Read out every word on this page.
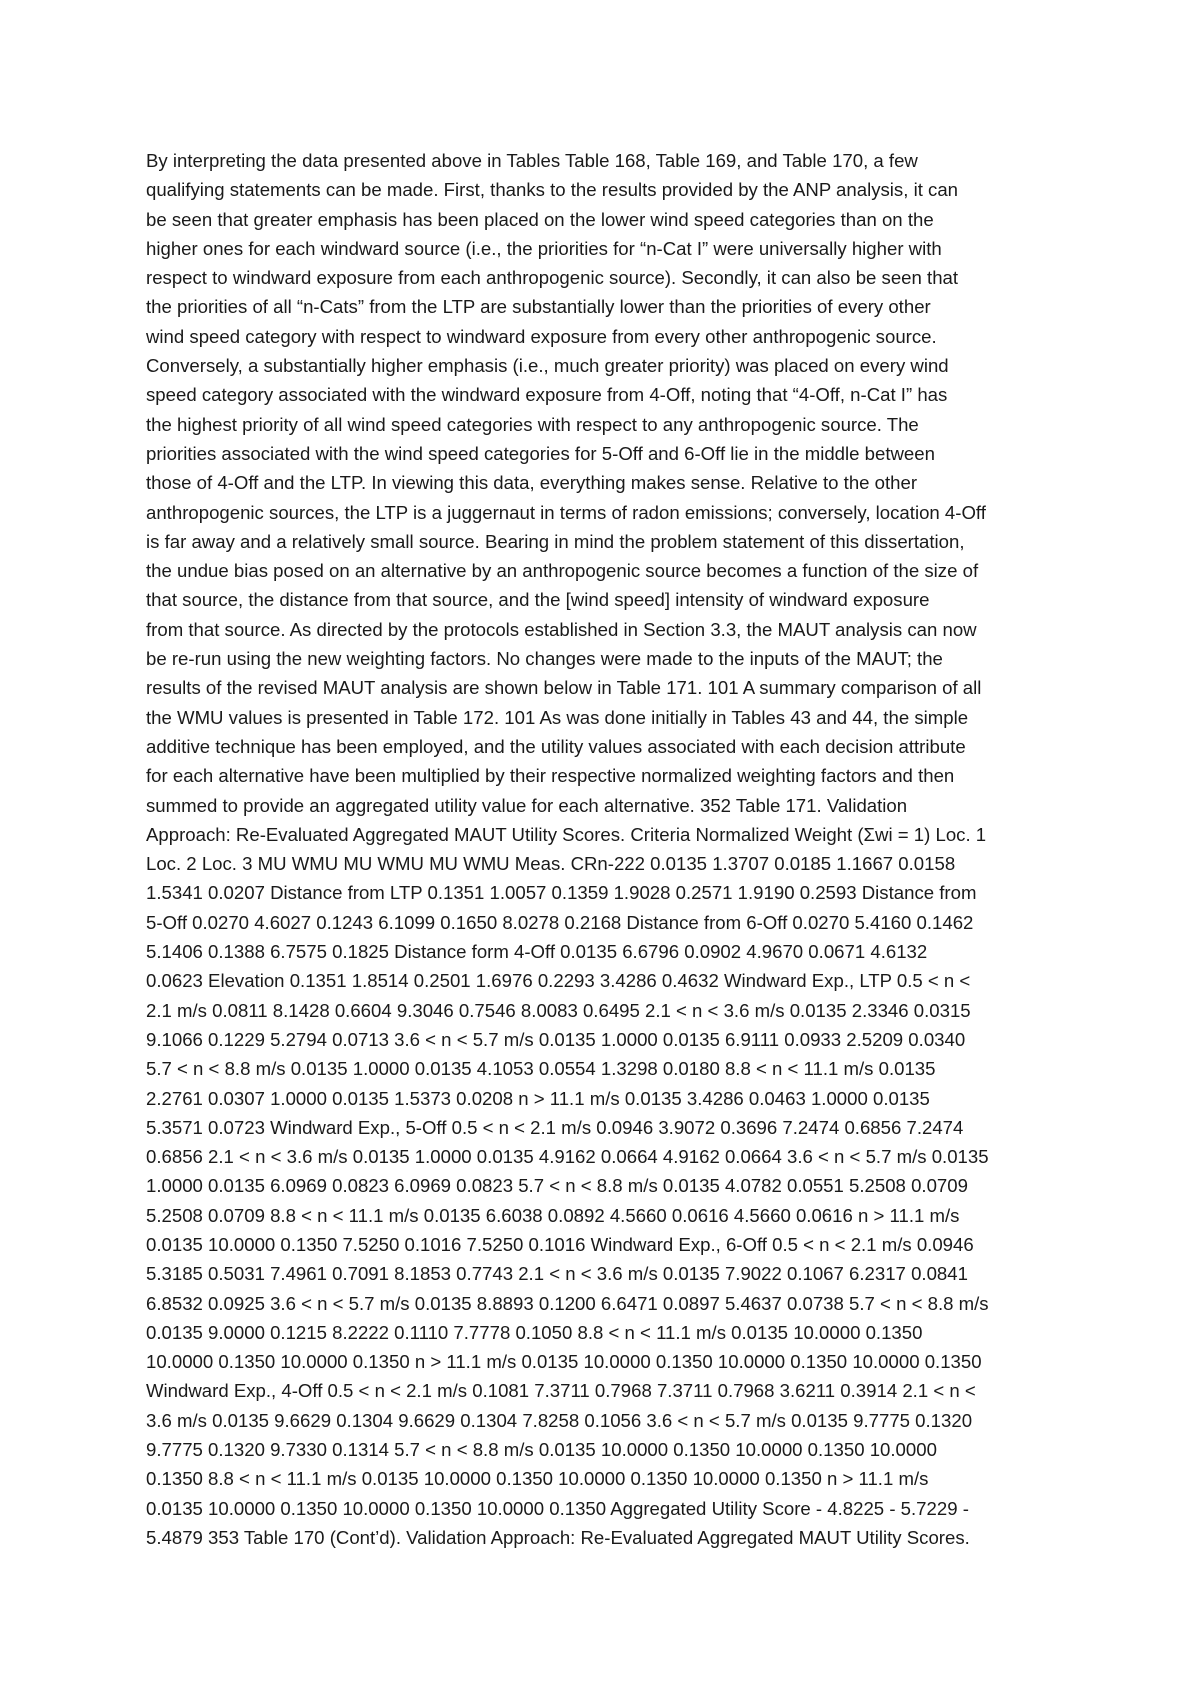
By interpreting the data presented above in Tables Table 168, Table 169, and Table 170, a few
qualifying statements can be made. First, thanks to the results provided by the ANP analysis, it can
be seen that greater emphasis has been placed on the lower wind speed categories than on the
higher ones for each windward source (i.e., the priorities for “n-Cat I” were universally higher with
respect to windward exposure from each anthropogenic source). Secondly, it can also be seen that
the priorities of all “n-Cats” from the LTP are substantially lower than the priorities of every other
wind speed category with respect to windward exposure from every other anthropogenic source.
Conversely, a substantially higher emphasis (i.e., much greater priority) was placed on every wind
speed category associated with the windward exposure from 4-Off, noting that “4-Off, n-Cat I” has
the highest priority of all wind speed categories with respect to any anthropogenic source. The
priorities associated with the wind speed categories for 5-Off and 6-Off lie in the middle between
those of 4-Off and the LTP. In viewing this data, everything makes sense. Relative to the other
anthropogenic sources, the LTP is a juggernaut in terms of radon emissions; conversely, location 4-Off
is far away and a relatively small source. Bearing in mind the problem statement of this dissertation,
the undue bias posed on an alternative by an anthropogenic source becomes a function of the size of
that source, the distance from that source, and the [wind speed] intensity of windward exposure
from that source. As directed by the protocols established in Section 3.3, the MAUT analysis can now
be re-run using the new weighting factors. No changes were made to the inputs of the MAUT; the
results of the revised MAUT analysis are shown below in Table 171. 101 A summary comparison of all
the WMU values is presented in Table 172. 101 As was done initially in Tables 43 and 44, the simple
additive technique has been employed, and the utility values associated with each decision attribute
for each alternative have been multiplied by their respective normalized weighting factors and then
summed to provide an aggregated utility value for each alternative. 352 Table 171. Validation
Approach: Re-Evaluated Aggregated MAUT Utility Scores. Criteria Normalized Weight (Σwi = 1) Loc. 1
Loc. 2 Loc. 3 MU WMU MU WMU MU WMU Meas. CRn-222 0.0135 1.3707 0.0185 1.1667 0.0158
1.5341 0.0207 Distance from LTP 0.1351 1.0057 0.1359 1.9028 0.2571 1.9190 0.2593 Distance from
5-Off 0.0270 4.6027 0.1243 6.1099 0.1650 8.0278 0.2168 Distance from 6-Off 0.0270 5.4160 0.1462
5.1406 0.1388 6.7575 0.1825 Distance form 4-Off 0.0135 6.6796 0.0902 4.9670 0.0671 4.6132
0.0623 Elevation 0.1351 1.8514 0.2501 1.6976 0.2293 3.4286 0.4632 Windward Exp., LTP 0.5 < n <
2.1 m/s 0.0811 8.1428 0.6604 9.3046 0.7546 8.0083 0.6495 2.1 < n < 3.6 m/s 0.0135 2.3346 0.0315
9.1066 0.1229 5.2794 0.0713 3.6 < n < 5.7 m/s 0.0135 1.0000 0.0135 6.9111 0.0933 2.5209 0.0340
5.7 < n < 8.8 m/s 0.0135 1.0000 0.0135 4.1053 0.0554 1.3298 0.0180 8.8 < n < 11.1 m/s 0.0135
2.2761 0.0307 1.0000 0.0135 1.5373 0.0208 n > 11.1 m/s 0.0135 3.4286 0.0463 1.0000 0.0135
5.3571 0.0723 Windward Exp., 5-Off 0.5 < n < 2.1 m/s 0.0946 3.9072 0.3696 7.2474 0.6856 7.2474
0.6856 2.1 < n < 3.6 m/s 0.0135 1.0000 0.0135 4.9162 0.0664 4.9162 0.0664 3.6 < n < 5.7 m/s 0.0135
1.0000 0.0135 6.0969 0.0823 6.0969 0.0823 5.7 < n < 8.8 m/s 0.0135 4.0782 0.0551 5.2508 0.0709
5.2508 0.0709 8.8 < n < 11.1 m/s 0.0135 6.6038 0.0892 4.5660 0.0616 4.5660 0.0616 n > 11.1 m/s
0.0135 10.0000 0.1350 7.5250 0.1016 7.5250 0.1016 Windward Exp., 6-Off 0.5 < n < 2.1 m/s 0.0946
5.3185 0.5031 7.4961 0.7091 8.1853 0.7743 2.1 < n < 3.6 m/s 0.0135 7.9022 0.1067 6.2317 0.0841
6.8532 0.0925 3.6 < n < 5.7 m/s 0.0135 8.8893 0.1200 6.6471 0.0897 5.4637 0.0738 5.7 < n < 8.8 m/s
0.0135 9.0000 0.1215 8.2222 0.1110 7.7778 0.1050 8.8 < n < 11.1 m/s 0.0135 10.0000 0.1350
10.0000 0.1350 10.0000 0.1350 n > 11.1 m/s 0.0135 10.0000 0.1350 10.0000 0.1350 10.0000 0.1350
Windward Exp., 4-Off 0.5 < n < 2.1 m/s 0.1081 7.3711 0.7968 7.3711 0.7968 3.6211 0.3914 2.1 < n <
3.6 m/s 0.0135 9.6629 0.1304 9.6629 0.1304 7.8258 0.1056 3.6 < n < 5.7 m/s 0.0135 9.7775 0.1320
9.7775 0.1320 9.7330 0.1314 5.7 < n < 8.8 m/s 0.0135 10.0000 0.1350 10.0000 0.1350 10.0000
0.1350 8.8 < n < 11.1 m/s 0.0135 10.0000 0.1350 10.0000 0.1350 10.0000 0.1350 n > 11.1 m/s
0.0135 10.0000 0.1350 10.0000 0.1350 10.0000 0.1350 Aggregated Utility Score - 4.8225 - 5.7229 -
5.4879 353 Table 170 (Cont’d). Validation Approach: Re-Evaluated Aggregated MAUT Utility Scores.
